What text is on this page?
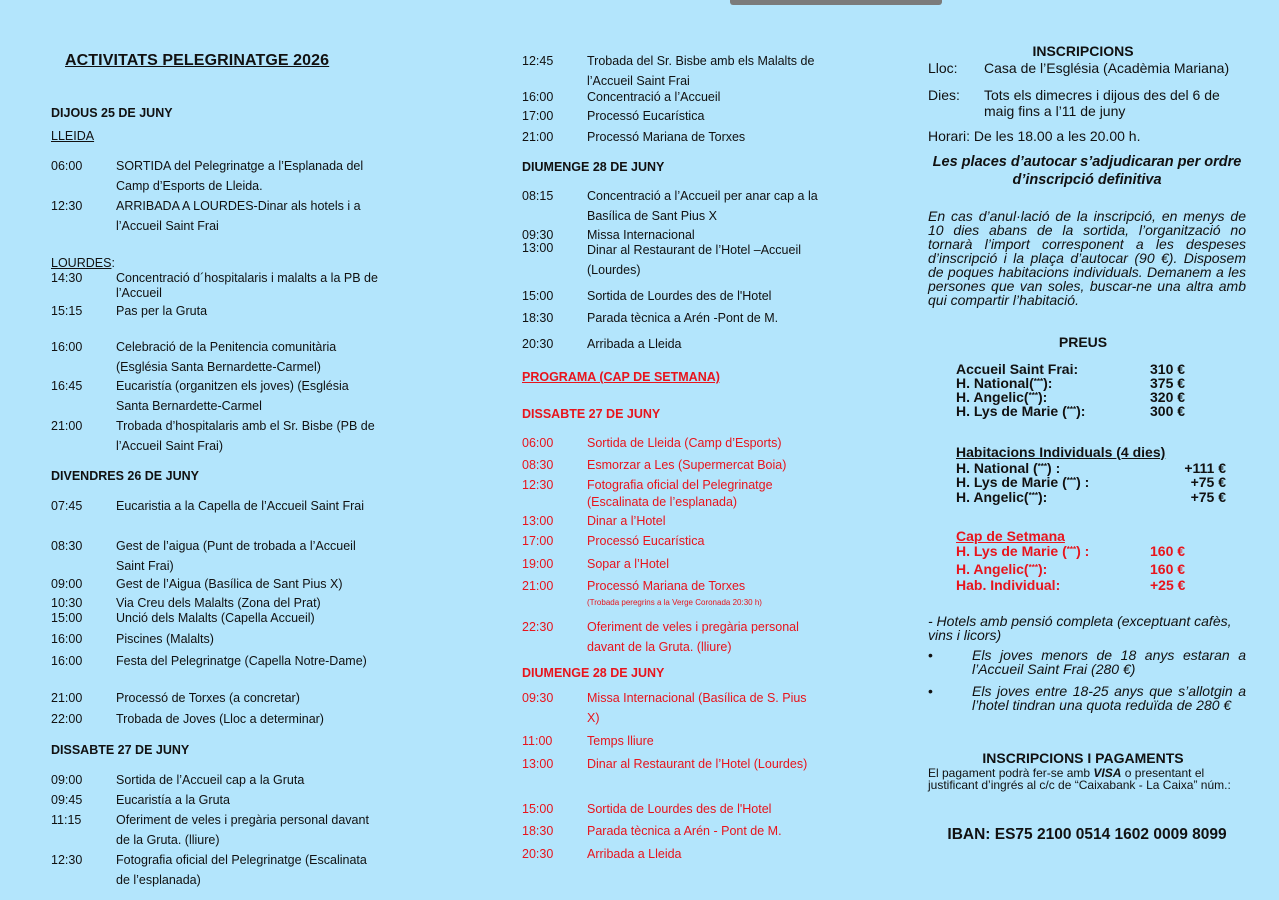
ACTIVITATS PELEGRINATGE 2026
DIJOUS 25 DE JUNY
LLEIDA
06:00	SORTIDA del Pelegrinatge a l’Esplanada del Camp d’Esports de Lleida.
12:30	ARRIBADA A LOURDES-Dinar als hotels i a l’Accueil Saint Frai
LOURDES:
14:30	Concentració d´hospitalaris i malalts a la PB de l’Accueil
15:15	Pas per la Gruta
16:00	Celebració de la Penitencia comunitària (Església Santa Bernardette-Carmel)
16:45	Eucaristía (organitzen els joves) (Església Santa Bernardette-Carmel
21:00	Trobada d’hospitalaris amb el Sr. Bisbe (PB de l’Accueil Saint Frai)
DIVENDRES 26 DE JUNY
07:45	Eucaristia a la Capella de l’Accueil Saint Frai
08:30	Gest de l’aigua (Punt de trobada a l’Accueil Saint Frai)
09:00	Gest de l’Aigua (Basílica de Sant Pius X)
10:30	Via Creu dels Malalts (Zona del Prat)
15:00	Unció dels Malalts (Capella Accueil)
16:00	Piscines (Malalts)
16:00	Festa del Pelegrinatge (Capella Notre-Dame)
21:00	Processó de Torxes (a concretar)
22:00	Trobada de Joves (Lloc a determinar)
DISSABTE 27 DE JUNY
09:00	Sortida de l’Accueil cap a la Gruta
09:45	Eucaristía a la Gruta
11:15	Oferiment de veles i pregària personal davant de la Gruta. (lliure)
12:30	Fotografia oficial del Pelegrinatge (Escalinata de l’esplanada)
12:45	Trobada del Sr. Bisbe amb els Malalts de l’Accueil Saint Frai
16:00	Concentració a l’Accueil
17:00	Processó Eucarística
21:00	Processó Mariana de Torxes
DIUMENGE 28 DE JUNY
08:15	Concentració a l’Accueil per anar cap a la Basílica de Sant Pius X
09:30	Missa Internacional
13:00	Dinar al Restaurant de l’Hotel –Accueil (Lourdes)
15:00	Sortida de Lourdes des de l'Hotel
18:30	Parada tècnica a Arén -Pont de M.
20:30	Arribada a Lleida
PROGRAMA (CAP DE SETMANA)
DISSABTE 27 DE JUNY
06:00	Sortida de Lleida (Camp d’Esports)
08:30	Esmorzar a Les (Supermercat Boia)
12:30	Fotografia oficial del Pelegrinatge (Escalinata de l’esplanada)
13:00	Dinar a l’Hotel
17:00	Processó Eucarística
19:00	Sopar a l’Hotel
21:00	Processó Mariana de Torxes
(Trobada peregrins a la Verge Coronada 20:30 h)
22:30	Oferiment de veles i pregària personal davant de la Gruta. (lliure)
DIUMENGE 28 DE JUNY
09:30	Missa Internacional (Basílica de S. Pius X)
11:00	Temps lliure
13:00	Dinar al Restaurant de l’Hotel (Lourdes)
15:00	Sortida de Lourdes des de l'Hotel
18:30	Parada tècnica a Arén - Pont de M.
20:30	Arribada a Lleida
INSCRIPCIONS
Lloc: Casa de l’Església (Acadèmia Mariana)
Dies: Tots els dimecres i dijous des del 6 de maig fins a l’11 de juny
Horari: De les 18.00 a les 20.00 h.
Les places d’autocar s’adjudicaran per ordre d’inscripció definitiva
En cas d’anul·lació de la inscripció, en menys de 10 dies abans de la sortida, l’organització no tornarà l’import corresponent a les despeses d’inscripció i la plaça d’autocar (90 €). Disposem de poques habitacions individuals. Demanem a les persones que van soles, buscar-ne una altra amb qui compartir l’habitació.
PREUS
Accueil Saint Frai:	310 €
H. National(***):	375 €
H. Angelic(***):	320 €
H. Lys de Marie (***):	300 €
Habitacions Individuals (4 dies)
H. National (***) :	+111 €
H. Lys de Marie (***) :	+75 €
H. Angelic(***):	+75 €
Cap de Setmana
H. Lys de Marie (***) :	160 €
H. Angelic(***):	160 €
Hab. Individual:	+25 €
- Hotels amb pensió completa (exceptuant cafès, vins i licors)
•	Els joves menors de 18 anys estaran a l’Accueil Saint Frai (280 €)
•	Els joves entre 18-25 anys que s’allotgin a l’hotel tindran una quota reduïda de 280 €
INSCRIPCIONS I PAGAMENTS
El pagament podrà fer-se amb VISA o presentant el justificant d’ingrés al c/c de “Caixabank - La Caixa” núm.:
IBAN: ES75 2100 0514 1602 0009 8099
